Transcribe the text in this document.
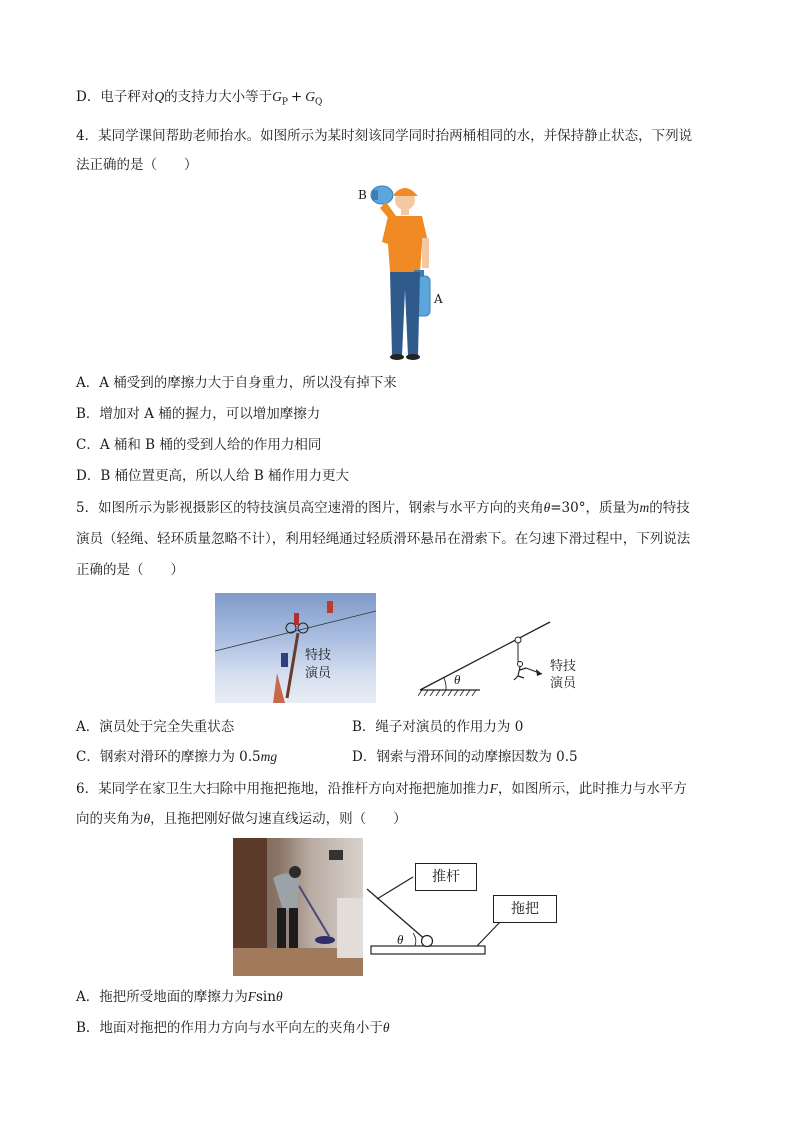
D．电子秤对Q的支持力大小等于$G_P + G_Q$
4．某同学课间帮助老师抬水。如图所示为某时刻该同学同时抬两桶相同的水，并保持静止状态，下列说
法正确的是（　　）
B
A
A．A 桶受到的摩擦力大于自身重力，所以没有掉下来
B．增加对 A 桶的握力，可以增加摩擦力
C．A 桶和 B 桶的受到人给的作用力相同
D．B 桶位置更高，所以人给 B 桶作用力更大
5．如图所示为影视摄影区的特技演员高空速滑的图片，钢索与水平方向的夹角θ=30°，质量为m的特技
演员（轻绳、轻环质量忽略不计），利用轻绳通过轻质滑环悬吊在滑索下。在匀速下滑过程中，下列说法
正确的是（　　）
特技
演员	θ
特技
演员
A．演员处于完全失重状态	B．绳子对演员的作用力为 0
C．钢索对滑环的摩擦力为 0.5mg	D．钢索与滑环间的动摩擦因数为 0.5
6．某同学在家卫生大扫除中用拖把拖地，沿推杆方向对拖把施加推力F，如图所示，此时推力与水平方
向的夹角为θ，且拖把刚好做匀速直线运动，则（　　）
推杆
拖把
θ
A．拖把所受地面的摩擦力为Fsinθ
B．地面对拖把的作用力方向与水平向左的夹角小于θ
